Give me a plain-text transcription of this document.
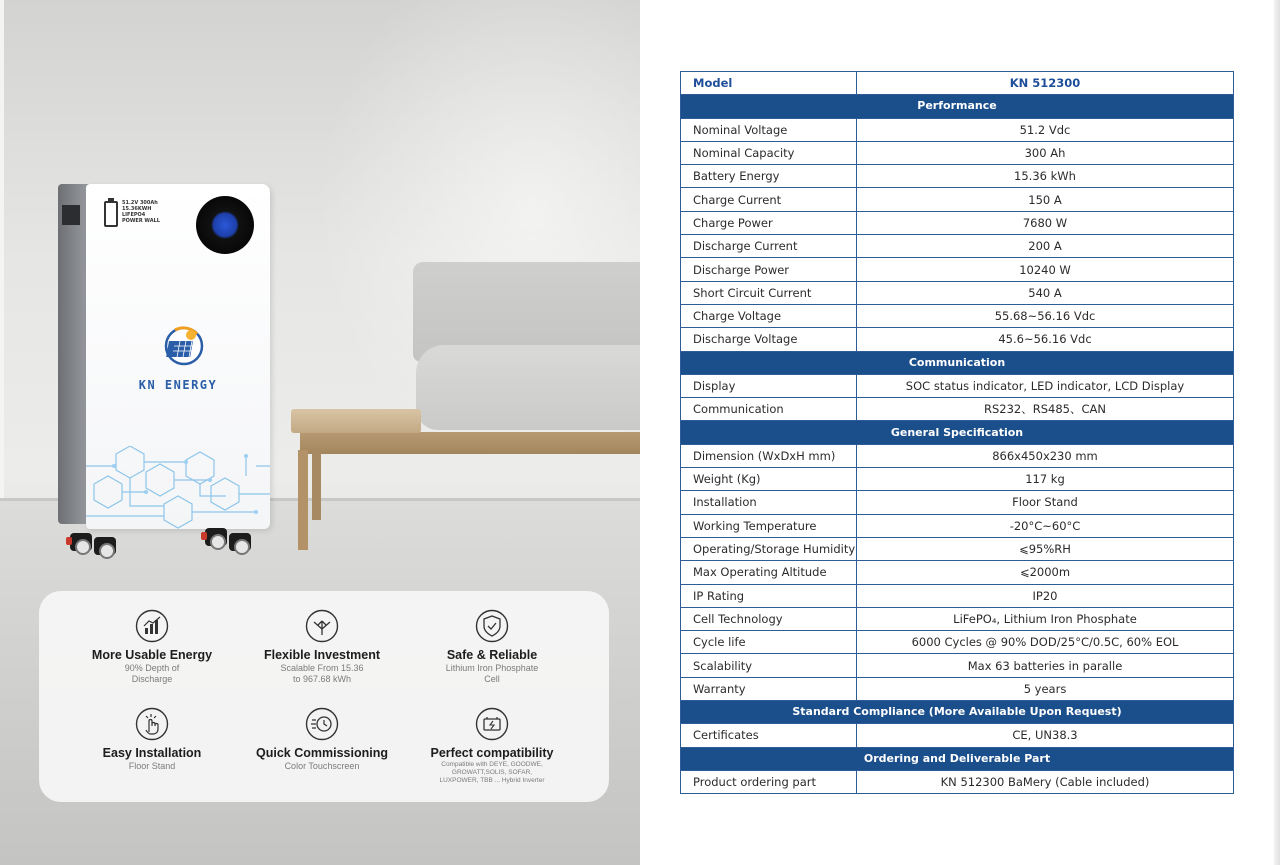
51.2V 300Ah
15.36KWH
LIFEPO4
POWER WALL
KN ENERGY
More Usable Energy
90% Depth of
Discharge
Flexible Investment
Scalable From 15.36
to 967.68 kWh
Safe & Reliable
Lithium Iron Phosphate
Cell
Easy Installation
Floor Stand
Quick Commissioning
Color Touchscreen
Perfect compatibility
Compatible with DEYE, GOODWE,
GROWATT,SOLIS, SOFAR,
LUXPOWER, TBB ... Hybrid Inverter
Model	KN 512300
Performance	
Nominal Voltage	51.2 Vdc
Nominal Capacity	300 Ah
Battery Energy	15.36 kWh
Charge Current	150 A
Charge Power	7680 W
Discharge Current	200 A
Discharge Power	10240 W
Short Circuit Current	540 A
Charge Voltage	55.68~56.16 Vdc
Discharge Voltage	45.6~56.16 Vdc
Communication	
Display	SOC status indicator, LED indicator, LCD Display
Communication	RS232、RS485、CAN
General Specification	
Dimension (WxDxH mm)	866x450x230 mm
Weight (Kg)	117 kg
Installation	Floor Stand
Working Temperature	-20°C~60°C
Operating/Storage Humidity	⩽95%RH
Max Operating Altitude	⩽2000m
IP Rating	IP20
Cell Technology	LiFePO₄, Lithium Iron Phosphate
Cycle life	6000 Cycles @ 90% DOD/25°C/0.5C, 60% EOL
Scalability	Max 63 batteries in paralle
Warranty	5 years
Standard Compliance (More Available Upon Request)	
Certificates	CE, UN38.3
Ordering and Deliverable Part	
Product ordering part	KN 512300 BaMery (Cable included)
